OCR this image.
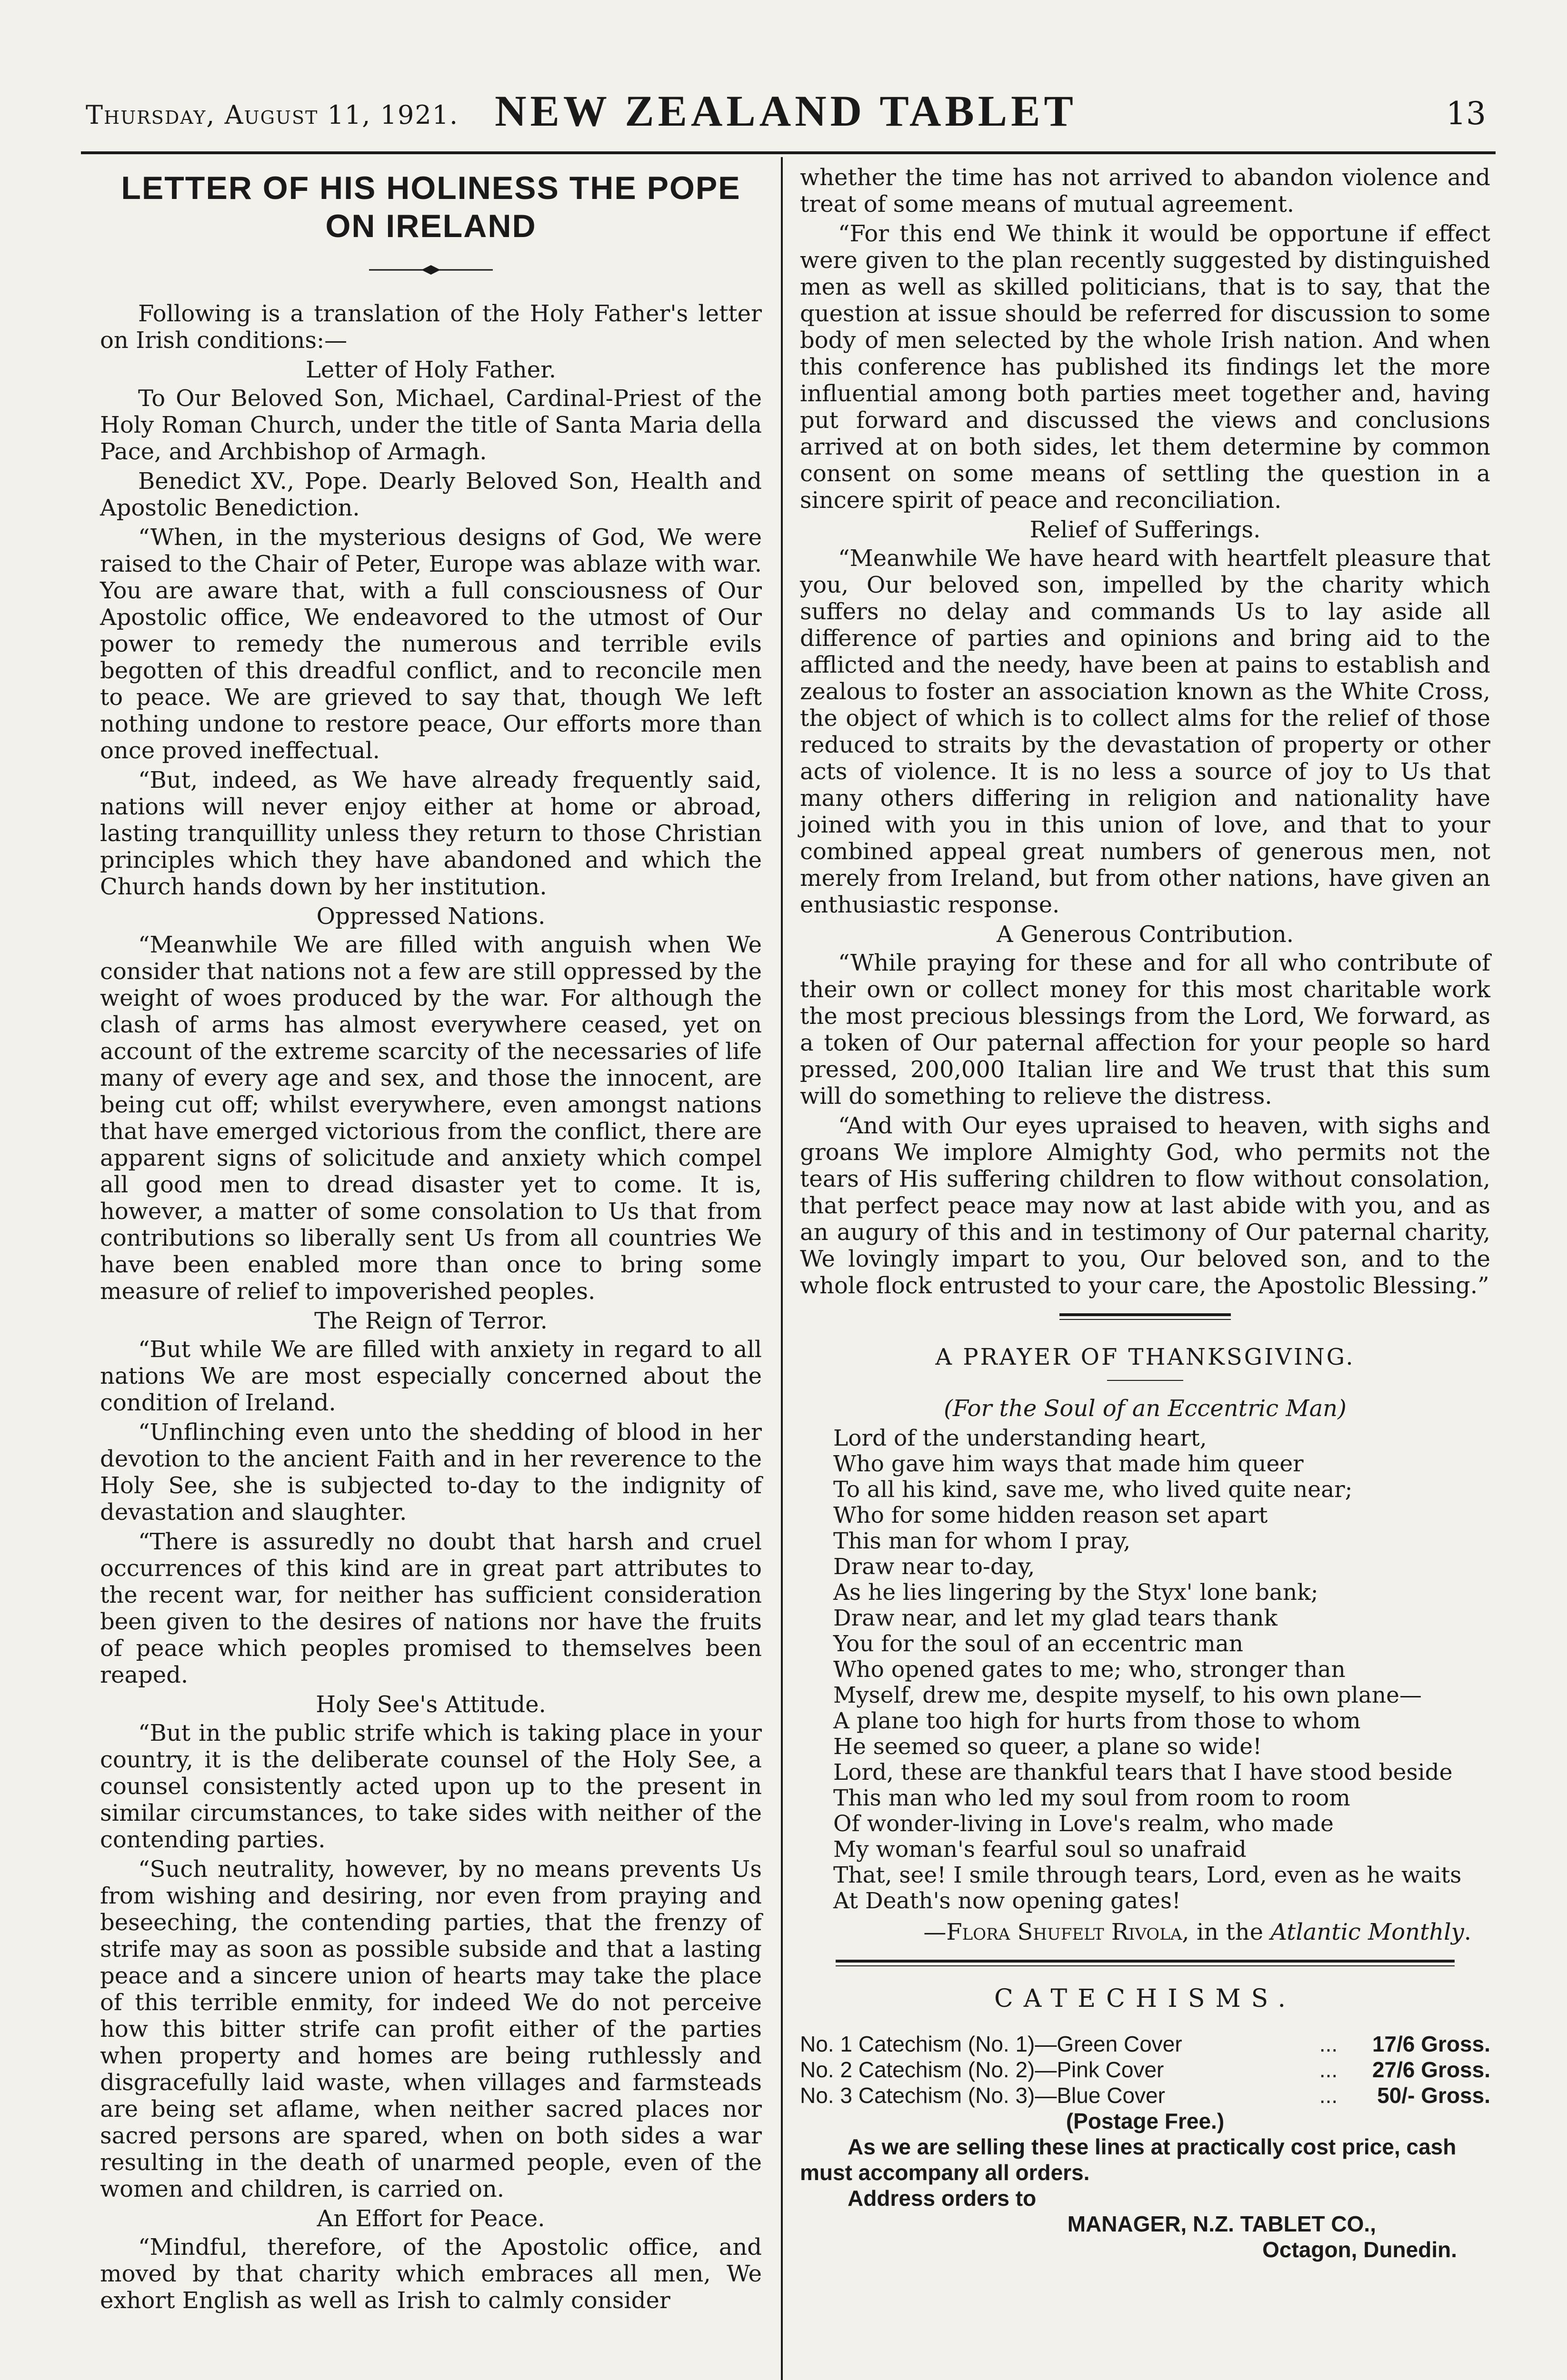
Thursday, August 11, 1921. NEW ZEALAND TABLET	13
LETTER OF HIS HOLINESS THE POPE ON IRELAND

Following is a translation of the Holy Father's letter on Irish conditions:—

Letter of Holy Father.

To Our Beloved Son, Michael, Cardinal-Priest of the Holy Roman Church, under the title of Santa Maria della Pace, and Archbishop of Armagh.

Benedict XV., Pope. Dearly Beloved Son, Health and Apostolic Benediction.

“When, in the mysterious designs of God, We were raised to the Chair of Peter, Europe was ablaze with war. You are aware that, with a full consciousness of Our Apostolic office, We endeavored to the utmost of Our power to remedy the numerous and terrible evils begotten of this dreadful conflict, and to reconcile men to peace. We are grieved to say that, though We left nothing undone to restore peace, Our efforts more than once proved ineffectual.

“But, indeed, as We have already frequently said, nations will never enjoy either at home or abroad, lasting tranquillity unless they return to those Christian principles which they have abandoned and which the Church hands down by her institution.

Oppressed Nations.

“Meanwhile We are filled with anguish when We consider that nations not a few are still oppressed by the weight of woes produced by the war. For although the clash of arms has almost everywhere ceased, yet on account of the extreme scarcity of the necessaries of life many of every age and sex, and those the innocent, are being cut off; whilst everywhere, even amongst nations that have emerged victorious from the conflict, there are apparent signs of solicitude and anxiety which compel all good men to dread disaster yet to come. It is, however, a matter of some consolation to Us that from contributions so liberally sent Us from all countries We have been enabled more than once to bring some measure of relief to impoverished peoples.

The Reign of Terror.

“But while We are filled with anxiety in regard to all nations We are most especially concerned about the condition of Ireland.

“Unflinching even unto the shedding of blood in her devotion to the ancient Faith and in her reverence to the Holy See, she is subjected to-day to the indignity of devastation and slaughter.

“There is assuredly no doubt that harsh and cruel occurrences of this kind are in great part attributes to the recent war, for neither has sufficient consideration been given to the desires of nations nor have the fruits of peace which peoples promised to themselves been reaped.

Holy See's Attitude.

“But in the public strife which is taking place in your country, it is the deliberate counsel of the Holy See, a counsel consistently acted upon up to the present in similar circumstances, to take sides with neither of the contending parties.

“Such neutrality, however, by no means prevents Us from wishing and desiring, nor even from praying and beseeching, the contending parties, that the frenzy of strife may as soon as possible subside and that a lasting peace and a sincere union of hearts may take the place of this terrible enmity, for indeed We do not perceive how this bitter strife can profit either of the parties when property and homes are being ruthlessly and disgracefully laid waste, when villages and farmsteads are being set aflame, when neither sacred places nor sacred persons are spared, when on both sides a war resulting in the death of unarmed people, even of the women and children, is carried on.

An Effort for Peace.

“Mindful, therefore, of the Apostolic office, and moved by that charity which embraces all men, We exhort English as well as Irish to calmly consider

whether the time has not arrived to abandon violence and treat of some means of mutual agreement.

“For this end We think it would be opportune if effect were given to the plan recently suggested by distinguished men as well as skilled politicians, that is to say, that the question at issue should be referred for discussion to some body of men selected by the whole Irish nation. And when this conference has published its findings let the more influential among both parties meet together and, having put forward and discussed the views and conclusions arrived at on both sides, let them determine by common consent on some means of settling the question in a sincere spirit of peace and reconciliation.

Relief of Sufferings.

“Meanwhile We have heard with heartfelt pleasure that you, Our beloved son, impelled by the charity which suffers no delay and commands Us to lay aside all difference of parties and opinions and bring aid to the afflicted and the needy, have been at pains to establish and zealous to foster an association known as the White Cross, the object of which is to collect alms for the relief of those reduced to straits by the devastation of property or other acts of violence. It is no less a source of joy to Us that many others differing in religion and nationality have joined with you in this union of love, and that to your combined appeal great numbers of generous men, not merely from Ireland, but from other nations, have given an enthusiastic response.

A Generous Contribution.

“While praying for these and for all who contribute of their own or collect money for this most charitable work the most precious blessings from the Lord, We forward, as a token of Our paternal affection for your people so hard pressed, 200,000 Italian lire and We trust that this sum will do something to relieve the distress.

“And with Our eyes upraised to heaven, with sighs and groans We implore Almighty God, who permits not the tears of His suffering children to flow without consolation, that perfect peace may now at last abide with you, and as an augury of this and in testimony of Our paternal charity, We lovingly impart to you, Our beloved son, and to the whole flock entrusted to your care, the Apostolic Blessing.”

A PRAYER OF THANKSGIVING.
(For the Soul of an Eccentric Man)
Lord of the understanding heart,
Who gave him ways that made him queer
To all his kind, save me, who lived quite near;
Who for some hidden reason set apart
This man for whom I pray,
Draw near to-day,
As he lies lingering by the Styx' lone bank;
Draw near, and let my glad tears thank
You for the soul of an eccentric man
Who opened gates to me; who, stronger than
Myself, drew me, despite myself, to his own plane—
A plane too high for hurts from those to whom
He seemed so queer, a plane so wide!
Lord, these are thankful tears that I have stood beside
This man who led my soul from room to room
Of wonder-living in Love's realm, who made
My woman's fearful soul so unafraid
That, see! I smile through tears, Lord, even as he waits
At Death's now opening gates!
—Flora Shufelt Rivola, in the Atlantic Monthly.
CATECHISMS.
No. 1 Catechism (No. 1)—Green Cover	...	17/6 Gross.
No. 2 Catechism (No. 2)—Pink Cover	...	27/6 Gross.
No. 3 Catechism (No. 3)—Blue Cover	...	50/- Gross.
(Postage Free.)
As we are selling these lines at practically cost price, cash must accompany all orders.
Address orders to
MANAGER, N.Z. TABLET CO.,
Octagon, Dunedin.
